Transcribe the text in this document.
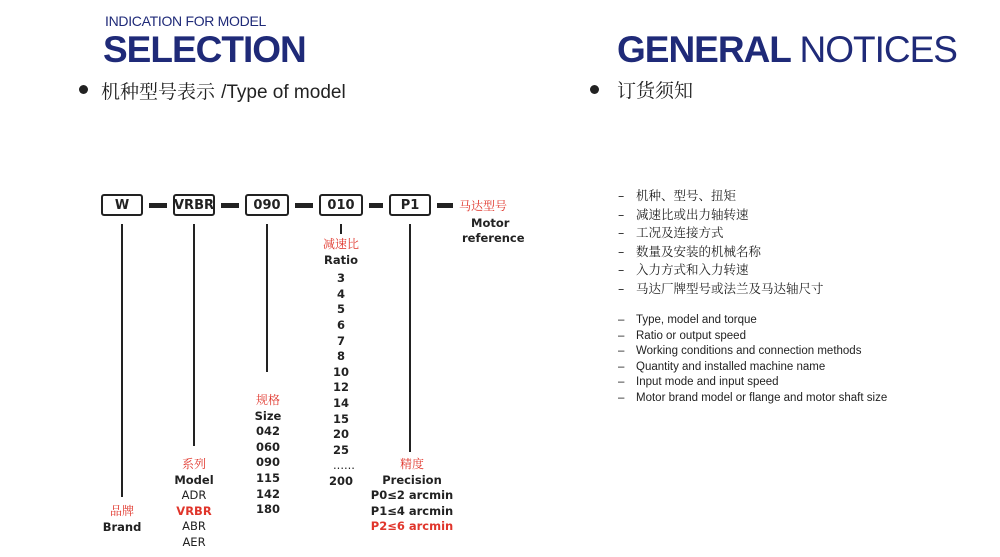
INDICATION FOR MODEL
SELECTION
机种型号表示 /Type of model
GENERAL NOTICES
订货须知
W	VRBR	090	010	P1	马达型号
Motor
reference
减速比
Ratio
3
4
5
6
7
8
10
12
14
15
20
25
......
200
规格
Size
042
060
090
115
142
180
系列
Model
ADR
VRBR
ABR
AER
品牌
Brand
精度
Precision
P0≤2 arcmin
P1≤4 arcmin
P2≤6 arcmin
– 机种、型号、扭矩
– 减速比或出力轴转速
– 工况及连接方式
– 数量及安装的机械名称
– 入力方式和入力转速
– 马达厂牌型号或法兰及马达轴尺寸
–	Type, model and torque
–	Ratio or output speed
–	Working conditions and connection methods
–	Quantity and installed machine name
–	Input mode and input speed
–	Motor brand model or flange and motor shaft size
